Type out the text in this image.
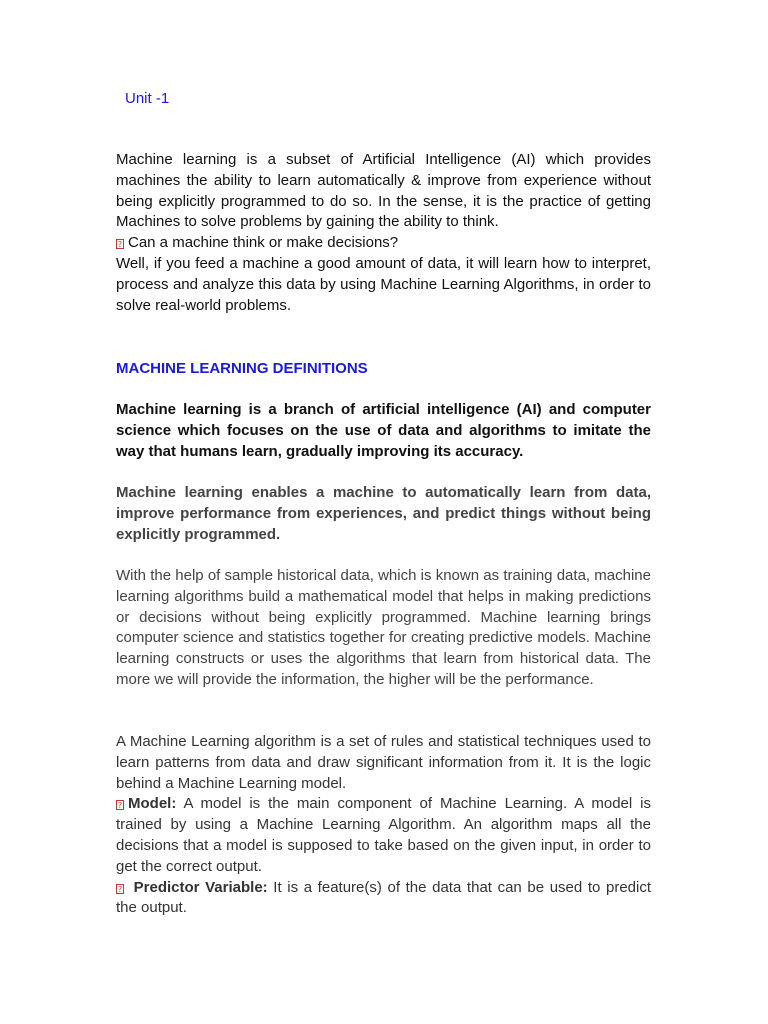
Unit -1

Machine learning is a subset of Artificial Intelligence (AI) which provides machines the ability to learn automatically & improve from experience without being explicitly programmed to do so. In the sense, it is the practice of getting Machines to solve problems by gaining the ability to think.

? Can a machine think or make decisions?

Well, if you feed a machine a good amount of data, it will learn how to interpret, process and analyze this data by using Machine Learning Algorithms, in order to solve real-world problems.

MACHINE LEARNING DEFINITIONS
Machine learning is a branch of artificial intelligence (AI) and computer science which focuses on the use of data and algorithms to imitate the way that humans learn, gradually improving its accuracy.
Machine learning enables a machine to automatically learn from data, improve performance from experiences, and predict things without being explicitly programmed.
With the help of sample historical data, which is known as training data, machine learning algorithms build a mathematical model that helps in making predictions or decisions without being explicitly programmed. Machine learning brings computer science and statistics together for creating predictive models. Machine learning constructs or uses the algorithms that learn from historical data. The more we will provide the information, the higher will be the performance.

A Machine Learning algorithm is a set of rules and statistical techniques used to learn patterns from data and draw significant information from it. It is the logic behind a Machine Learning model.

? Model: A model is the main component of Machine Learning. A model is trained by using a Machine Learning Algorithm. An algorithm maps all the decisions that a model is supposed to take based on the given input, in order to get the correct output.

? Predictor Variable: It is a feature(s) of the data that can be used to predict the output.
